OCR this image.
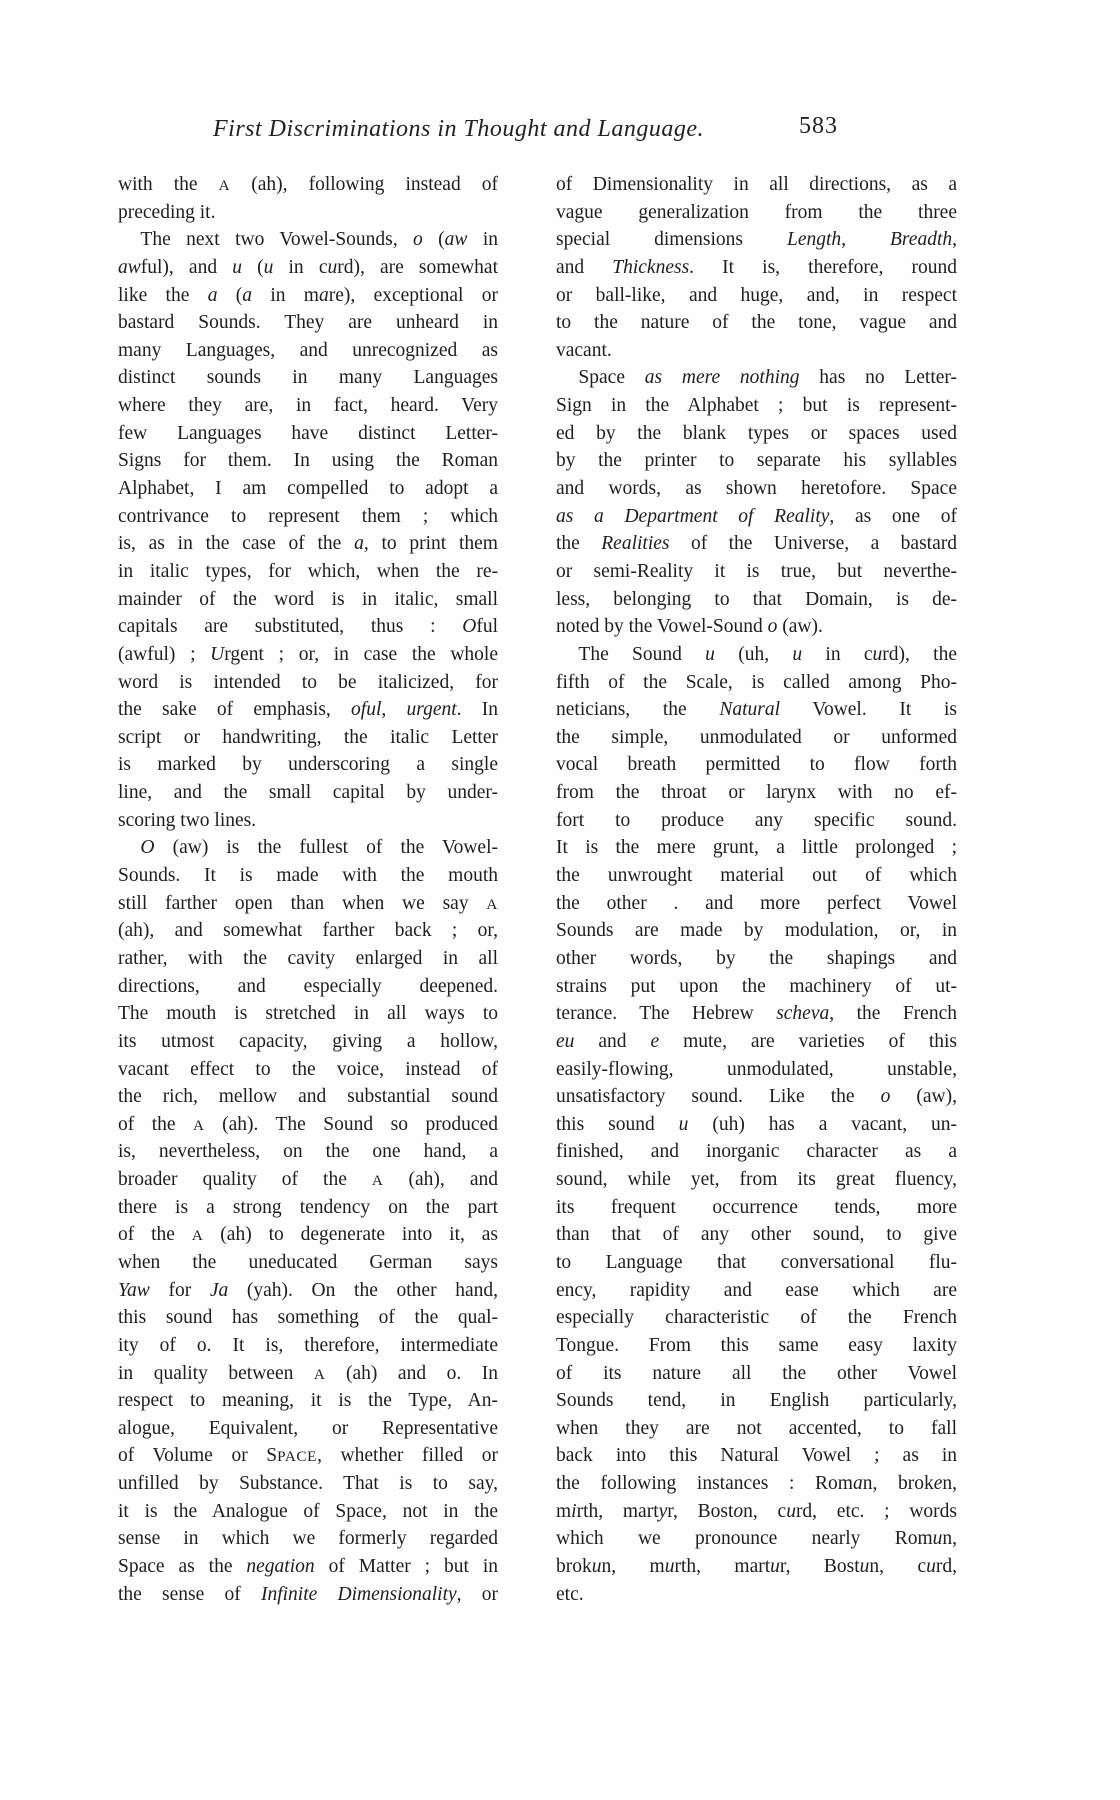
First Discriminations in Thought and Language.	583
with the A (ah), following instead of
preceding it.
The next two Vowel-Sounds, o (aw in
awful), and u (u in curd), are somewhat
like the a (a in mare), exceptional or
bastard Sounds. They are unheard in
many Languages, and unrecognized as
distinct sounds in many Languages
where they are, in fact, heard. Very
few Languages have distinct Letter-
Signs for them. In using the Roman
Alphabet, I am compelled to adopt a
contrivance to represent them ; which
is, as in the case of the a, to print them
in italic types, for which, when the re-
mainder of the word is in italic, small
capitals are substituted, thus : Oful
(awful) ; Urgent ; or, in case the whole
word is intended to be italicized, for
the sake of emphasis, oful, urgent. In
script or handwriting, the italic Letter
is marked by underscoring a single
line, and the small capital by under-
scoring two lines.
O (aw) is the fullest of the Vowel-
Sounds. It is made with the mouth
still farther open than when we say A
(ah), and somewhat farther back ; or,
rather, with the cavity enlarged in all
directions, and especially deepened.
The mouth is stretched in all ways to
its utmost capacity, giving a hollow,
vacant effect to the voice, instead of
the rich, mellow and substantial sound
of the A (ah). The Sound so produced
is, nevertheless, on the one hand, a
broader quality of the A (ah), and
there is a strong tendency on the part
of the A (ah) to degenerate into it, as
when the uneducated German says
Yaw for Ja (yah). On the other hand,
this sound has something of the qual-
ity of o. It is, therefore, intermediate
in quality between A (ah) and o. In
respect to meaning, it is the Type, An-
alogue, Equivalent, or Representative
of Volume or SPACE, whether filled or
unfilled by Substance. That is to say,
it is the Analogue of Space, not in the
sense in which we formerly regarded
Space as the negation of Matter ; but in
the sense of Infinite Dimensionality, or
of Dimensionality in all directions, as a
vague generalization from the three
special dimensions Length, Breadth,
and Thickness. It is, therefore, round
or ball-like, and huge, and, in respect
to the nature of the tone, vague and
vacant.
Space as mere nothing has no Letter-
Sign in the Alphabet ; but is represent-
ed by the blank types or spaces used
by the printer to separate his syllables
and words, as shown heretofore. Space
as a Department of Reality, as one of
the Realities of the Universe, a bastard
or semi-Reality it is true, but neverthe-
less, belonging to that Domain, is de-
noted by the Vowel-Sound o (aw).
The Sound u (uh, u in curd), the
fifth of the Scale, is called among Pho-
neticians, the Natural Vowel. It is
the simple, unmodulated or unformed
vocal breath permitted to flow forth
from the throat or larynx with no ef-
fort to produce any specific sound.
It is the mere grunt, a little prolonged ;
the unwrought material out of which
the other . and more perfect Vowel
Sounds are made by modulation, or, in
other words, by the shapings and
strains put upon the machinery of ut-
terance. The Hebrew scheva, the French
eu and e mute, are varieties of this
easily-flowing, unmodulated, unstable,
unsatisfactory sound. Like the o (aw),
this sound u (uh) has a vacant, un-
finished, and inorganic character as a
sound, while yet, from its great fluency,
its frequent occurrence tends, more
than that of any other sound, to give
to Language that conversational flu-
ency, rapidity and ease which are
especially characteristic of the French
Tongue. From this same easy laxity
of its nature all the other Vowel
Sounds tend, in English particularly,
when they are not accented, to fall
back into this Natural Vowel ; as in
the following instances : Roman, broken,
mirth, martyr, Boston, curd, etc. ; words
which we pronounce nearly Romun,
brokun, murth, martur, Bostun, curd,
etc.
